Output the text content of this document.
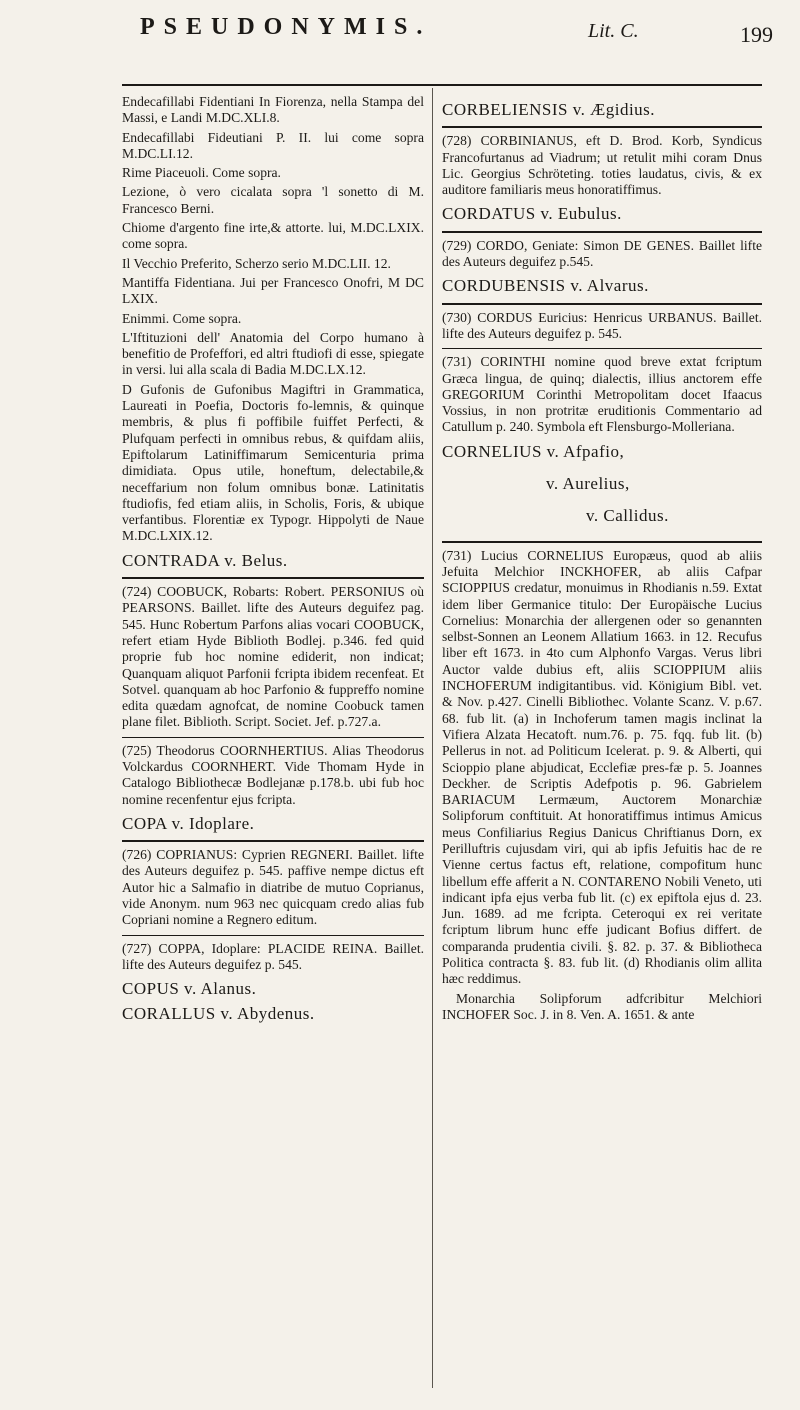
PSEUDONYMIS.	Lit. C.	199

Endecafillabi Fidentiani In Fiorenza, nella Stampa del Massi, e Landi M.DC.XLI.8.

Endecafillabi Fideutiani P. II. lui come sopra M.DC.LI.12.

Rime Piaceuoli. Come sopra.

Lezione, ò vero cicalata sopra 'l sonetto di M. Francesco Berni.

Chiome d'argento fine irte,& attorte. lui, M.DC.LXIX. come sopra.

Il Vecchio Preferito, Scherzo serio M.DC.LII. 12.

Mantiffa Fidentiana. Jui per Francesco Onofri, M DC LXIX.

Enimmi. Come sopra.

L'Iftituzioni dell' Anatomia del Corpo humano à benefitio de Profeffori, ed altri ftudiofi di esse, spiegate in versi. lui alla scala di Badia M.DC.LX.12.

D Gufonis de Gufonibus Magiftri in Grammatica, Laureati in Poefia, Doctoris fo-lemnis, & quinque membris, & plus fi poffibile fuiffet Perfecti, & Plufquam perfecti in omnibus rebus, & quifdam aliis, Epiftolarum Latiniffimarum Semicenturia prima dimidiata. Opus utile, honeftum, delectabile,& neceffarium non folum omnibus bonæ. Latinitatis ftudiofis, fed etiam aliis, in Scholis, Foris, & ubique verfantibus. Florentiæ ex Typogr. Hippolyti de Naue M.DC.LXIX.12.

CONTRADA v. Belus.

(724) COOBUCK, Robarts: Robert. PERSONIUS où PEARSONS. Baillet. lifte des Auteurs deguifez pag. 545. Hunc Robertum Parfons alias vocari COOBUCK, refert etiam Hyde Biblioth Bodlej. p.346. fed quid proprie fub hoc nomine ediderit, non indicat; Quanquam aliquot Parfonii fcripta ibidem recenfeat. Et Sotvel. quanquam ab hoc Parfonio & fuppreffo nomine edita quædam agnofcat, de nomine Coobuck tamen plane filet. Biblioth. Script. Societ. Jef. p.727.a.

(725) Theodorus COORNHERTIUS. Alias Theodorus Volckardus COORNHERT. Vide Thomam Hyde in Catalogo Bibliothecæ Bodlejanæ p.178.b. ubi fub hoc nomine recenfentur ejus fcripta.

COPA v. Idoplare.

(726) COPRIANUS: Cyprien REGNERI. Baillet. lifte des Auteurs deguifez p. 545. paffive nempe dictus eft Autor hic a Salmafio in diatribe de mutuo Coprianus, vide Anonym. num 963 nec quicquam credo alias fub Copriani nomine a Regnero editum.

(727) COPPA, Idoplare: PLACIDE REINA. Baillet. lifte des Auteurs deguifez p. 545.

COPUS v. Alanus.
CORALLUS v. Abydenus.
CORBELIENSIS v. Ægidius.

(728) CORBINIANUS, eft D. Brod. Korb, Syndicus Francofurtanus ad Viadrum; ut retulit mihi coram Dnus Lic. Georgius Schröteting. toties laudatus, civis, & ex auditore familiaris meus honoratiffimus.

CORDATUS v. Eubulus.

(729) CORDO, Geniate: Simon DE GENES. Baillet lifte des Auteurs deguifez p.545.

CORDUBENSIS v. Alvarus.

(730) CORDUS Euricius: Henricus URBANUS. Baillet. lifte des Auteurs deguifez p. 545.

(731) CORINTHI nomine quod breve extat fcriptum Græca lingua, de quinq; dialectis, illius anctorem effe GREGORIUM Corinthi Metropolitam docet Ifaacus Vossius, in non protritæ eruditionis Commentario ad Catullum p. 240. Symbola eft Flensburgo-Molleriana.

CORNELIUS v. Afpafio,
v. Aurelius,
v. Callidus.

(731) Lucius CORNELIUS Europæus, quod ab aliis Jefuita Melchior INCKHOFER, ab aliis Cafpar SCIOPPIUS credatur, monuimus in Rhodianis n.59. Extat idem liber Germanice titulo: Der Europäische Lucius Cornelius: Monarchia der allergenen oder so genannten selbst-Sonnen an Leonem Allatium 1663. in 12. Recufus liber eft 1673. in 4to cum Alphonfo Vargas. Verus libri Auctor valde dubius eft, aliis SCIOPPIUM aliis INCHOFERUM indigitantibus. vid. Königium Bibl. vet. & Nov. p.427. Cinelli Bibliothec. Volante Scanz. V. p.67. 68. fub lit. (a) in Inchoferum tamen magis inclinat la Vifiera Alzata Hecatoft. num.76. p. 75. fqq. fub lit. (b) Pellerus in not. ad Politicum Icelerat. p. 9. & Alberti, qui Scioppio plane abjudicat, Ecclefiæ pres-fæ p. 5. Joannes Deckher. de Scriptis Adefpotis p. 96. Gabrielem BARIACUM Lermæum, Auctorem Monarchiæ Solipforum conftituit. At honoratiffimus intimus Amicus meus Confiliarius Regius Danicus Chriftianus Dorn, ex Perilluftris cujusdam viri, qui ab ipfis Jefuitis hac de re Vienne certus factus eft, relatione, compofitum hunc libellum effe afferit a N. CONTARENO Nobili Veneto, uti indicant ipfa ejus verba fub lit. (c) ex epiftola ejus d. 23. Jun. 1689. ad me fcripta. Ceteroqui ex rei veritate fcriptum librum hunc effe judicant Bofius differt. de comparanda prudentia civili. §. 82. p. 37. & Bibliotheca Politica contracta §. 83. fub lit. (d) Rhodianis olim allita hæc reddimus.

Monarchia Solipforum adfcribitur Melchiori INCHOFER Soc. J. in 8. Ven. A. 1651. & ante
